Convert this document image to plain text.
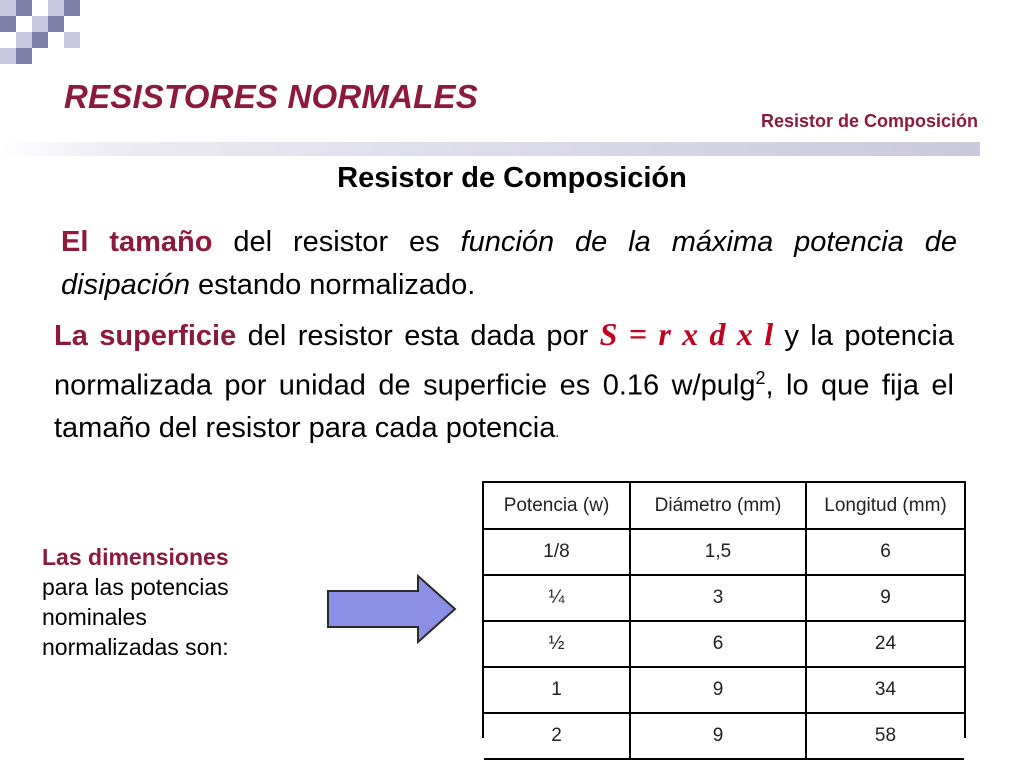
RESISTORES NORMALES
Resistor de Composición
Resistor de Composición
El tamaño del resistor es función de la máxima potencia de disipación estando normalizado.
La superficie del resistor esta dada por S = r x d x l y la potencia normalizada por unidad de superficie es 0.16 w/pulg$^2$, lo que fija el tamaño del resistor para cada potencia.
Las dimensiones
para las potencias
nominales
normalizadas son:
Potencia (w)	Diámetro (mm)	Longitud (mm)
1/8	1,5	6
¼	3	9
½	6	24
1	9	34
2	9	58
